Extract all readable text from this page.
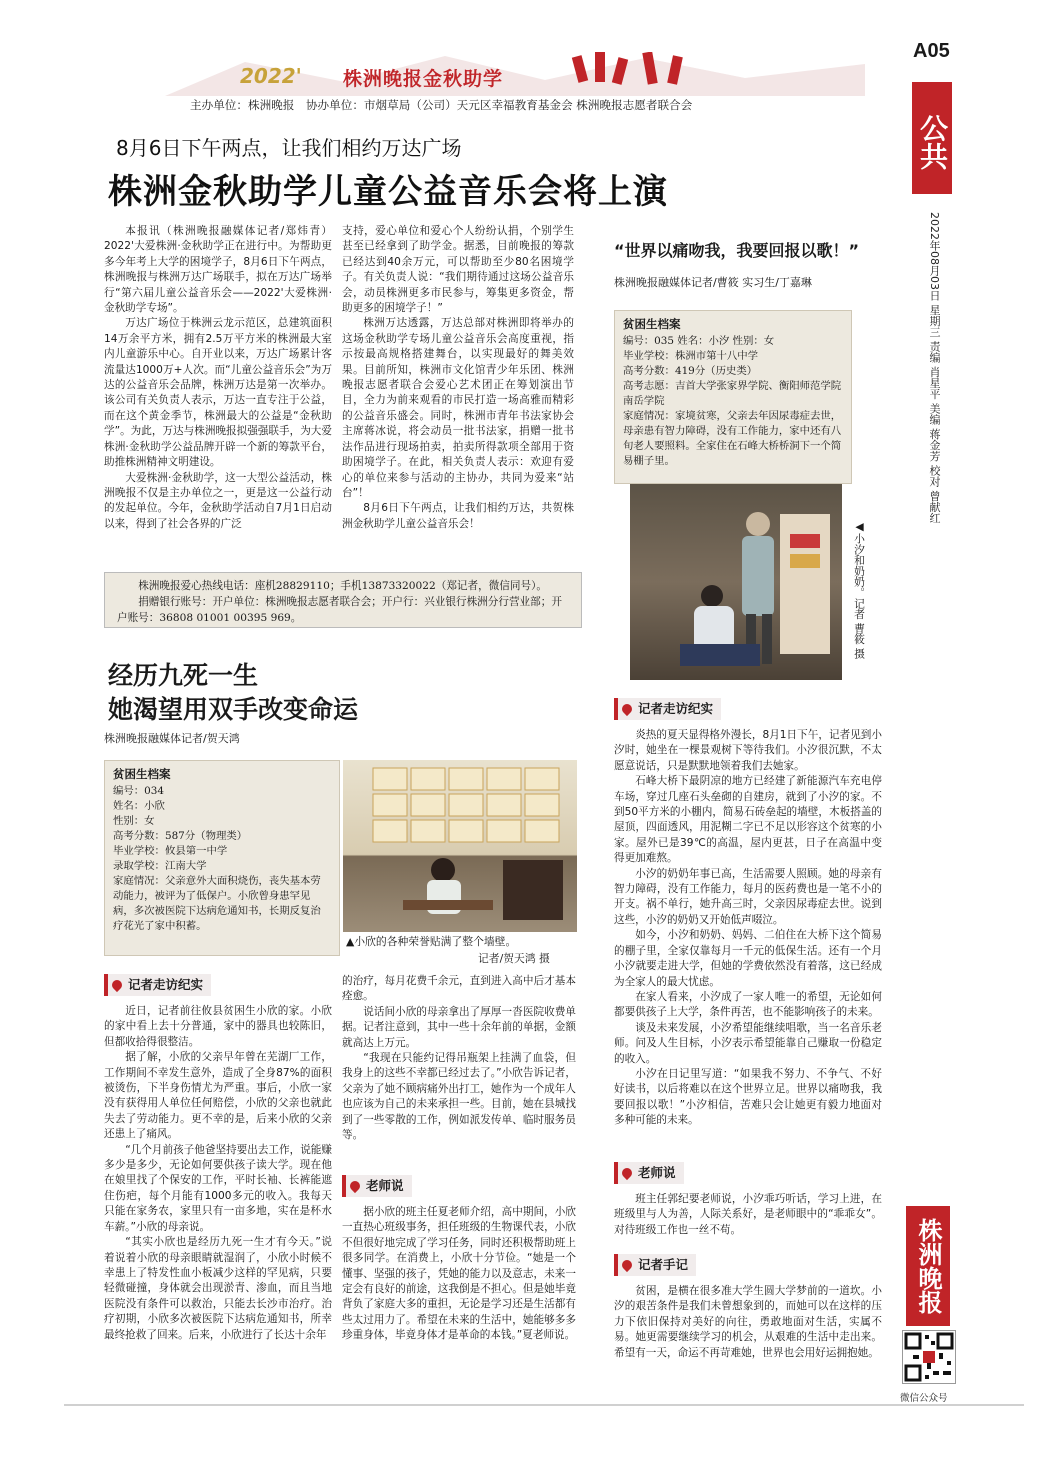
2022' 株洲晚报金秋助学
主办单位：株洲晚报　协办单位：市烟草局（公司）天元区幸福教育基金会 株洲晚报志愿者联合会
A05
公共
2022年08月03日 星期三 责编 肖星平 美编 蒋金芳 校对 曾献红
8月6日下午两点，让我们相约万达广场
株洲金秋助学儿童公益音乐会将上演

本报讯（株洲晚报融媒体记者/郑炜青）2022'大爱株洲·金秋助学正在进行中。为帮助更多今年考上大学的困境学子，8月6日下午两点，株洲晚报与株洲万达广场联手，拟在万达广场举行“第六届儿童公益音乐会——2022'大爱株洲·金秋助学专场”。

万达广场位于株洲云龙示范区，总建筑面积14万余平方米，拥有2.5万平方米的株洲最大室内儿童游乐中心。自开业以来，万达广场累计客流量达1000万+人次。而“儿童公益音乐会”为万达的公益音乐会品牌，株洲万达是第一次举办。该公司有关负责人表示，万达一直专注于公益，而在这个黄金季节，株洲最大的公益是“金秋助学”。为此，万达与株洲晚报拟强强联手，为大爱株洲·金秋助学公益品牌开辟一个新的筹款平台，助推株洲精神文明建设。

大爱株洲·金秋助学，这一大型公益活动，株洲晚报不仅是主办单位之一，更是这一公益行动的发起单位。今年，金秋助学活动自7月1日启动以来，得到了社会各界的广泛

支持，爱心单位和爱心个人纷纷认捐，个别学生甚至已经拿到了助学金。据悉，目前晚报的筹款已经达到40余万元，可以帮助至少80名困境学子。有关负责人说：“我们期待通过这场公益音乐会，动员株洲更多市民参与，筹集更多资金，帮助更多的困境学子！”

株洲万达透露，万达总部对株洲即将举办的这场金秋助学专场儿童公益音乐会高度重视，指示按最高规格搭建舞台，以实现最好的舞美效果。目前所知，株洲市文化馆青少年乐团、株洲晚报志愿者联合会爱心艺术团正在筹划演出节目，全力为前来观看的市民打造一场高雅而精彩的公益音乐盛会。同时，株洲市青年书法家协会主席蒋冰说，将会动员一批书法家，捐赠一批书法作品进行现场拍卖，拍卖所得款项全部用于资助困境学子。在此，相关负责人表示：欢迎有爱心的单位来参与活动的主协办，共同为爱来“站台”！

8月6日下午两点，让我们相约万达，共贺株洲金秋助学儿童公益音乐会！

株洲晚报爱心热线电话：座机28829110；手机13873320022（郑记者，微信同号）。
捐赠银行账号：开户单位：株洲晚报志愿者联合会；开户行：兴业银行株洲分行营业部；开户账号：36808 01001 00395 969。
经历九死一生
她渴望用双手改变命运
株洲晚报融媒体记者/贺天鸿
贫困生档案
编号：034
姓名：小欣
性别：女
高考分数：587分（物理类）
毕业学校：攸县第一中学
录取学校：江南大学
家庭情况：父亲意外大面积烧伤，丧失基本劳动能力，被评为了低保户。小欣曾身患罕见病，多次被医院下达病危通知书，长期反复治疗花光了家中积蓄。
▲小欣的各种荣誉贴满了整个墙壁。
记者/贺天鸿 摄
记者走访纪实

近日，记者前往攸县贫困生小欣的家。小欣的家中看上去十分普通，家中的器具也较陈旧，但都收拾得很整洁。

据了解，小欣的父亲早年曾在芜湖厂工作，工作期间不幸发生意外，造成了全身87%的面积被烫伤，下半身伤情尤为严重。事后，小欣一家没有获得用人单位任何赔偿，小欣的父亲也就此失去了劳动能力。更不幸的是，后来小欣的父亲还患上了痛风。

“几个月前孩子他爸坚持要出去工作，说能赚多少是多少，无论如何要供孩子读大学。现在他在娘里找了个保安的工作，平时长袖、长裤能遮住伤疤，每个月能有1000多元的收入。我每天只能在家务农，家里只有一亩多地，实在是杯水车薪。”小欣的母亲说。

“其实小欣也是经历九死一生才有今天。”说着说着小欣的母亲眼睛就湿润了，小欣小时候不幸患上了特发性血小板减少这样的罕见病，只要轻微碰撞，身体就会出现淤青、渗血，而且当地医院没有条件可以救治，只能去长沙市治疗。治疗初期，小欣多次被医院下达病危通知书，所幸最终抢救了回来。后来，小欣进行了长达十余年

的治疗，每月花费千余元，直到进入高中后才基本痊愈。

说话间小欣的母亲拿出了厚厚一沓医院收费单据。记者注意到，其中一些十余年前的单据，金额就高达上万元。

“我现在只能约记得吊瓶架上挂满了血袋，但我身上的这些不幸都已经过去了。”小欣告诉记者，父亲为了她不顾病痛外出打工，她作为一个成年人也应该为自己的未来承担一些。目前，她在县城找到了一些零散的工作，例如派发传单、临时服务员等。

老师说

据小欣的班主任夏老师介绍，高中期间，小欣一直热心班级事务，担任班级的生物课代表，小欣不但很好地完成了学习任务，同时还积极帮助班上很多同学。在消费上，小欣十分节俭。“她是一个懂事、坚强的孩子，凭她的能力以及意志，未来一定会有良好的前途，这我倒是不担心。但是她毕竟背负了家庭大多的重担，无论是学习还是生活都有些太过用力了。希望在未来的生活中，她能够多多珍重身体，毕竟身体才是革命的本钱。”夏老师说。

“世界以痛吻我，我要回报以歌！”
株洲晚报融媒体记者/曹筱 实习生/丁嘉琳
贫困生档案
编号：035 姓名：小汐 性别：女
毕业学校：株洲市第十八中学
高考分数：419分（历史类）
高考志愿：吉首大学张家界学院、衡阳师范学院南岳学院
家庭情况：家境贫寒，父亲去年因尿毒症去世，母亲患有智力障碍，没有工作能力，家中还有八旬老人要照料。全家住在石峰大桥桥洞下一个简易棚子里。
◀小汐和奶奶。记者 曹筱 摄
记者走访纪实

炎热的夏天显得格外漫长，8月1日下午，记者见到小汐时，她坐在一棵景观树下等待我们。小汐很沉默，不太愿意说话，只是默默地领着我们去她家。

石峰大桥下最阴凉的地方已经建了新能源汽车充电停车场，穿过几座石头垒砌的自建房，就到了小汐的家。不到50平方米的小棚内，简易石砖垒起的墙壁，木板搭盖的屋顶，四面透风，用泥糊二字已不足以形容这个贫寒的小家。屋外已是39℃的高温，屋内更甚，日子在高温中变得更加难熬。

小汐的奶奶年事已高，生活需要人照顾。她的母亲有智力障碍，没有工作能力，每月的医药费也是一笔不小的开支。祸不单行，她升高三时，父亲因尿毒症去世。说到这些，小汐的奶奶又开始低声啜泣。

如今，小汐和奶奶、妈妈、二伯住在大桥下这个简易的棚子里，全家仅靠每月一千元的低保生活。还有一个月小汐就要走进大学，但她的学费依然没有着落，这已经成为全家人的最大忧虑。

在家人看来，小汐成了一家人唯一的希望，无论如何都要供孩子上大学，条件再苦，也不能影响孩子的未来。

谈及未来发展，小汐希望能继续唱歌，当一名音乐老师。问及人生目标，小汐表示希望能靠自己赚取一份稳定的收入。

小汐在日记里写道：“如果我不努力、不争气、不好好读书，以后将难以在这个世界立足。世界以痛吻我，我要回报以歌！”小汐相信，苦难只会让她更有毅力地面对多种可能的未来。

老师说

班主任郭纪要老师说，小汐乖巧听话，学习上进，在班级里与人为善，人际关系好，是老师眼中的“乖乖女”。对待班级工作也一丝不苟。

记者手记

贫困，是横在很多准大学生圆大学梦前的一道坎。小汐的艰苦条件是我们未曾想象到的，而她可以在这样的压力下依旧保持对美好的向往，勇敢地面对生活，实属不易。她更需要继续学习的机会，从艰难的生活中走出来。希望有一天，命运不再苛难她，世界也会用好运拥抱她。

株洲晚报
微信公众号
